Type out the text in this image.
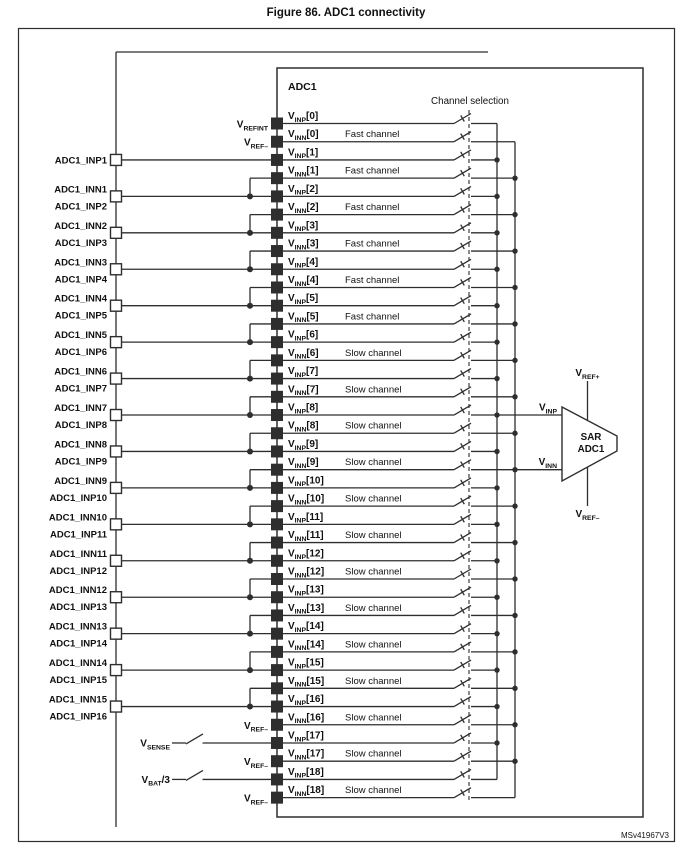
Figure 86. ADC1 connectivity
ADC1
Channel selection
$V_{INP}[0]$
$V_{INN}[0]$	Fast channel
$V_{INP}[1]$
$V_{INN}[1]$	Fast channel
$V_{INP}[2]$
$V_{INN}[2]$	Fast channel
$V_{INP}[3]$
$V_{INN}[3]$	Fast channel
$V_{INP}[4]$
$V_{INN}[4]$	Fast channel
$V_{INP}[5]$
$V_{INN}[5]$	Fast channel
$V_{INP}[6]$
$V_{INN}[6]$	Slow channel
$V_{INP}[7]$
$V_{INN}[7]$	Slow channel
$V_{INP}[8]$
$V_{INN}[8]$	Slow channel
$V_{INP}[9]$
$V_{INN}[9]$	Slow channel
$V_{INP}[10]$
$V_{INN}[10]$ Slow channel
$V_{INP}[11]$
$V_{INN}[11]$ Slow channel
$V_{INP}[12]$
$V_{INN}[12]$ Slow channel
$V_{INP}[13]$
$V_{INN}[13]$ Slow channel
$V_{INP}[14]$
$V_{INN}[14]$ Slow channel
$V_{INP}[15]$
$V_{INN}[15]$ Slow channel
$V_{INP}[16]$
$V_{INN}[16]$ Slow channel
$V_{INP}[17]$
$V_{INN}[17]$ Slow channel
$V_{INP}[18]$
$V_{INN}[18]$ Slow channel
$V_{INP}$
$V_{INN}$
$V_{REF+}$
$V_{REF-}$
ADC1_INP1
ADC1_INN1
ADC1_INP2
ADC1_INN2
ADC1_INP3
ADC1_INN3
ADC1_INP4
ADC1_INN4
ADC1_INP5
ADC1_INN5
ADC1_INP6
ADC1_INN6
ADC1_INP7
ADC1_INN7
ADC1_INP8
ADC1_INN8
ADC1_INP9
ADC1_INN9
ADC1_INP10
ADC1_INN10
ADC1_INP11
ADC1_INN11
ADC1_INP12
ADC1_INN12
ADC1_INP13
ADC1_INN13
ADC1_INP14
ADC1_INN14
ADC1_INP15
ADC1_INN15
ADC1_INP16
$V_{REFINT}$
$V_{REF-}$
$V_{REF-}$
$V_{SENSE}$
$V_{REF-}$
$V_{BAT}/3$
$V_{REF-}$
SAR
ADC1
MSv41967V3
